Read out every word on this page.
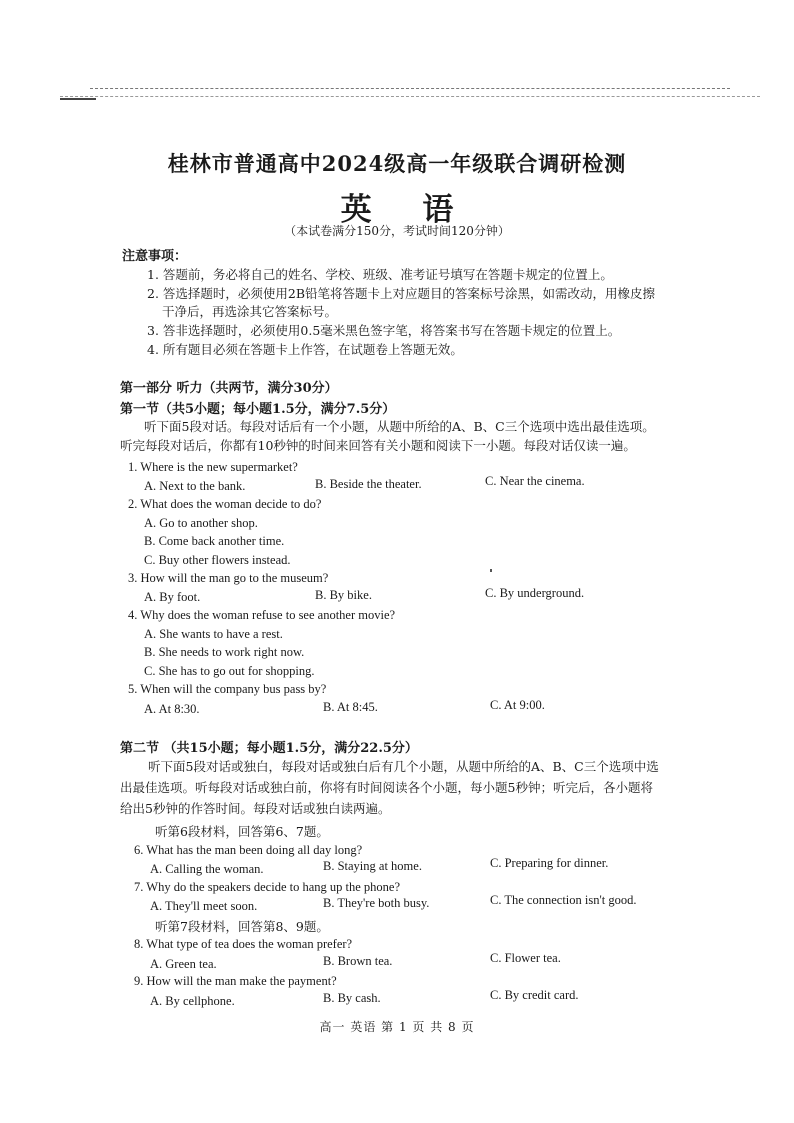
桂林市普通高中2024级高一年级联合调研检测
英 语
（本试卷满分150分，考试时间120分钟）
注意事项：
1. 答题前，务必将自己的姓名、学校、班级、准考证号填写在答题卡规定的位置上。
2. 答选择题时，必须使用2B铅笔将答题卡上对应题目的答案标号涂黑，如需改动，用橡皮擦
干净后，再选涂其它答案标号。
3. 答非选择题时，必须使用0.5毫米黑色签字笔，将答案书写在答题卡规定的位置上。
4. 所有题目必须在答题卡上作答，在试题卷上答题无效。
第一部分 听力（共两节，满分30分）
第一节（共5小题；每小题1.5分，满分7.5分）
听下面5段对话。每段对话后有一个小题，从题中所给的A、B、C三个选项中选出最佳选项。
听完每段对话后，你都有10秒钟的时间来回答有关小题和阅读下一小题。每段对话仅读一遍。
1. Where is the new supermarket?
A. Next to the bank.	B. Beside the theater.	C. Near the cinema.
2. What does the woman decide to do?
A. Go to another shop.
B. Come back another time.
C. Buy other flowers instead.
3. How will the man go to the museum?
A. By foot.	B. By bike.	C. By underground.
4. Why does the woman refuse to see another movie?
A. She wants to have a rest.
B. She needs to work right now.
C. She has to go out for shopping.
5. When will the company bus pass by?
A. At 8:30.	B. At 8:45.	C. At 9:00.
第二节 （共15小题；每小题1.5分，满分22.5分）
听下面5段对话或独白，每段对话或独白后有几个小题，从题中所给的A、B、C三个选项中选
出最佳选项。听每段对话或独白前，你将有时间阅读各个小题，每小题5秒钟；听完后，各小题将
给出5秒钟的作答时间。每段对话或独白读两遍。
听第6段材料，回答第6、7题。
6. What has the man been doing all day long?
A. Calling the woman.	B. Staying at home.	C. Preparing for dinner.
7. Why do the speakers decide to hang up the phone?
A. They'll meet soon.	B. They're both busy.	C. The connection isn't good.
听第7段材料，回答第8、9题。
8. What type of tea does the woman prefer?
A. Green tea.	B. Brown tea.	C. Flower tea.
9. How will the man make the payment?
A. By cellphone.	B. By cash.	C. By credit card.
高一 英语 第 1 页 共 8 页
